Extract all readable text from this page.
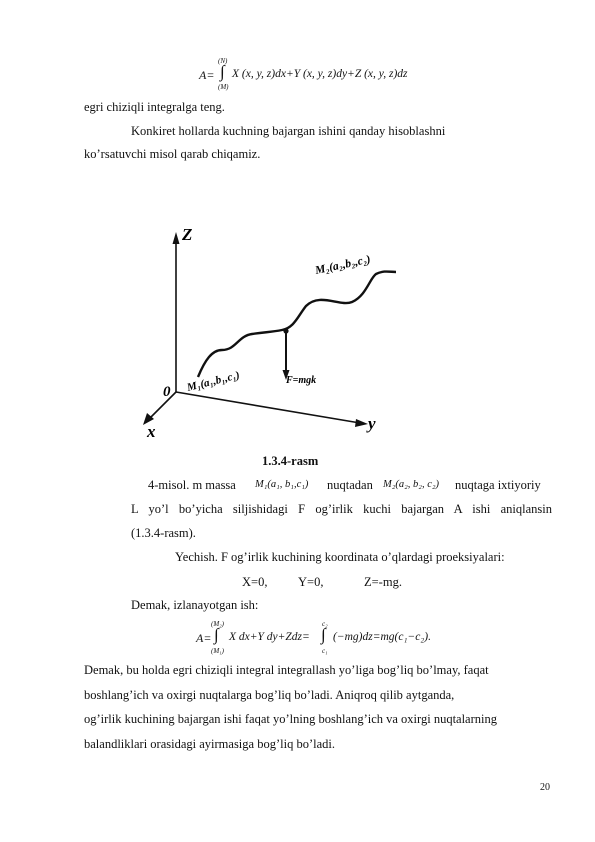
A=
(N)
∫
(M)
X (x, y, z)dx+Y (x, y, z)dy+Z (x, y, z)dz
egri chiziqli integralga teng.
Konkiret hollarda kuchning bajargan ishini qanday hisoblashni
ko’rsatuvchi misol qarab chiqamiz.
Z
y
x
0
F=mgk
M₁(a₁,b₁,c₁)
M₂(a₂,b₂,c₂)
1.3.4-rasm
4-misol. m massa M₁(a₁, b₁,c₁) nuqtadan M₂(a₂, b₂, c₂) nuqtaga ixtiyoriy
L yo’l bo’yicha siljishidagi F og’irlik kuchi bajargan A ishi aniqlansin
(1.3.4-rasm).
Yechish. F og’irlik kuchining koordinata o’qlardagi proeksiyalari:
X=0, Y=0,	Z=-mg.
Demak, izlanayotgan ish:
A=
(M₂)
∫
(M₁)
X dx+Y dy+Zdz=
c₂
∫
c₁
(−mg)dz=mg(c₁−c₂).
Demak, bu holda egri chiziqli integral integrallash yo’liga bog’liq bo’lmay, faqat
boshlang’ich va oxirgi nuqtalarga bog’liq bo’ladi. Aniqroq qilib aytganda,
og’irlik kuchining bajargan ishi faqat yo’lning boshlang’ich va oxirgi nuqtalarning
balandliklari orasidagi ayirmasiga bog’liq bo’ladi.
20
